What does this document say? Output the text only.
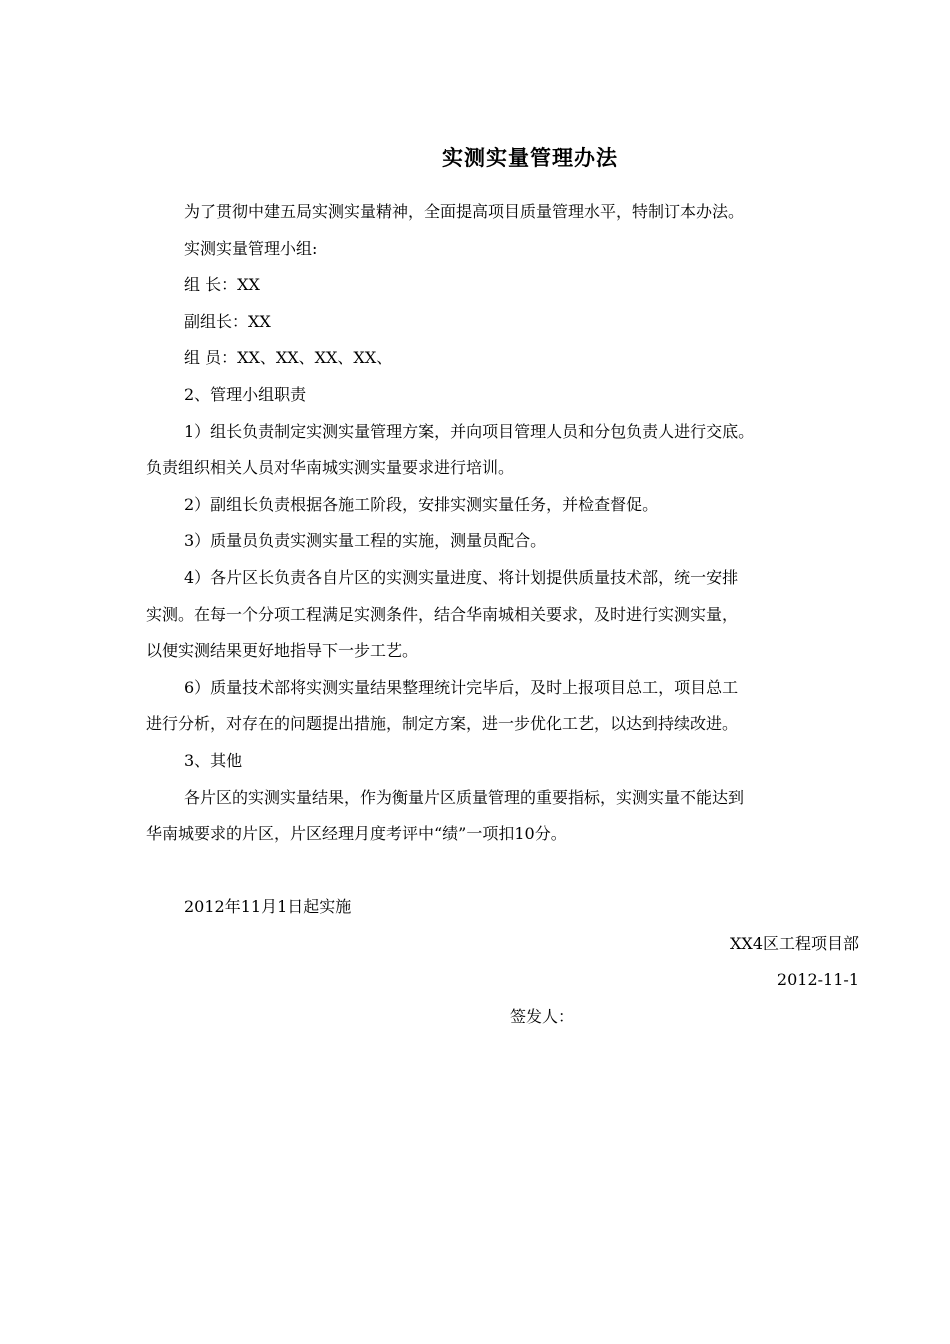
实测实量管理办法

为了贯彻中建五局实测实量精神，全面提高项目质量管理水平，特制订本办法。

实测实量管理小组:

组 长：XX

副组长：XX

组 员：XX、XX、XX、XX、

2、管理小组职责

1）组长负责制定实测实量管理方案，并向项目管理人员和分包负责人进行交底。

负责组织相关人员对华南城实测实量要求进行培训。

2）副组长负责根据各施工阶段，安排实测实量任务，并检查督促。

3）质量员负责实测实量工程的实施，测量员配合。

4）各片区长负责各自片区的实测实量进度、将计划提供质量技术部，统一安排

实测。在每一个分项工程满足实测条件，结合华南城相关要求，及时进行实测实量，

以便实测结果更好地指导下一步工艺。

6）质量技术部将实测实量结果整理统计完毕后，及时上报项目总工，项目总工

进行分析，对存在的问题提出措施，制定方案，进一步优化工艺，以达到持续改进。

3、其他

各片区的实测实量结果，作为衡量片区质量管理的重要指标，实测实量不能达到

华南城要求的片区，片区经理月度考评中“绩”一项扣10分。

2012年11月1日起实施

XX4区工程项目部

2012-11-1

签发人：
